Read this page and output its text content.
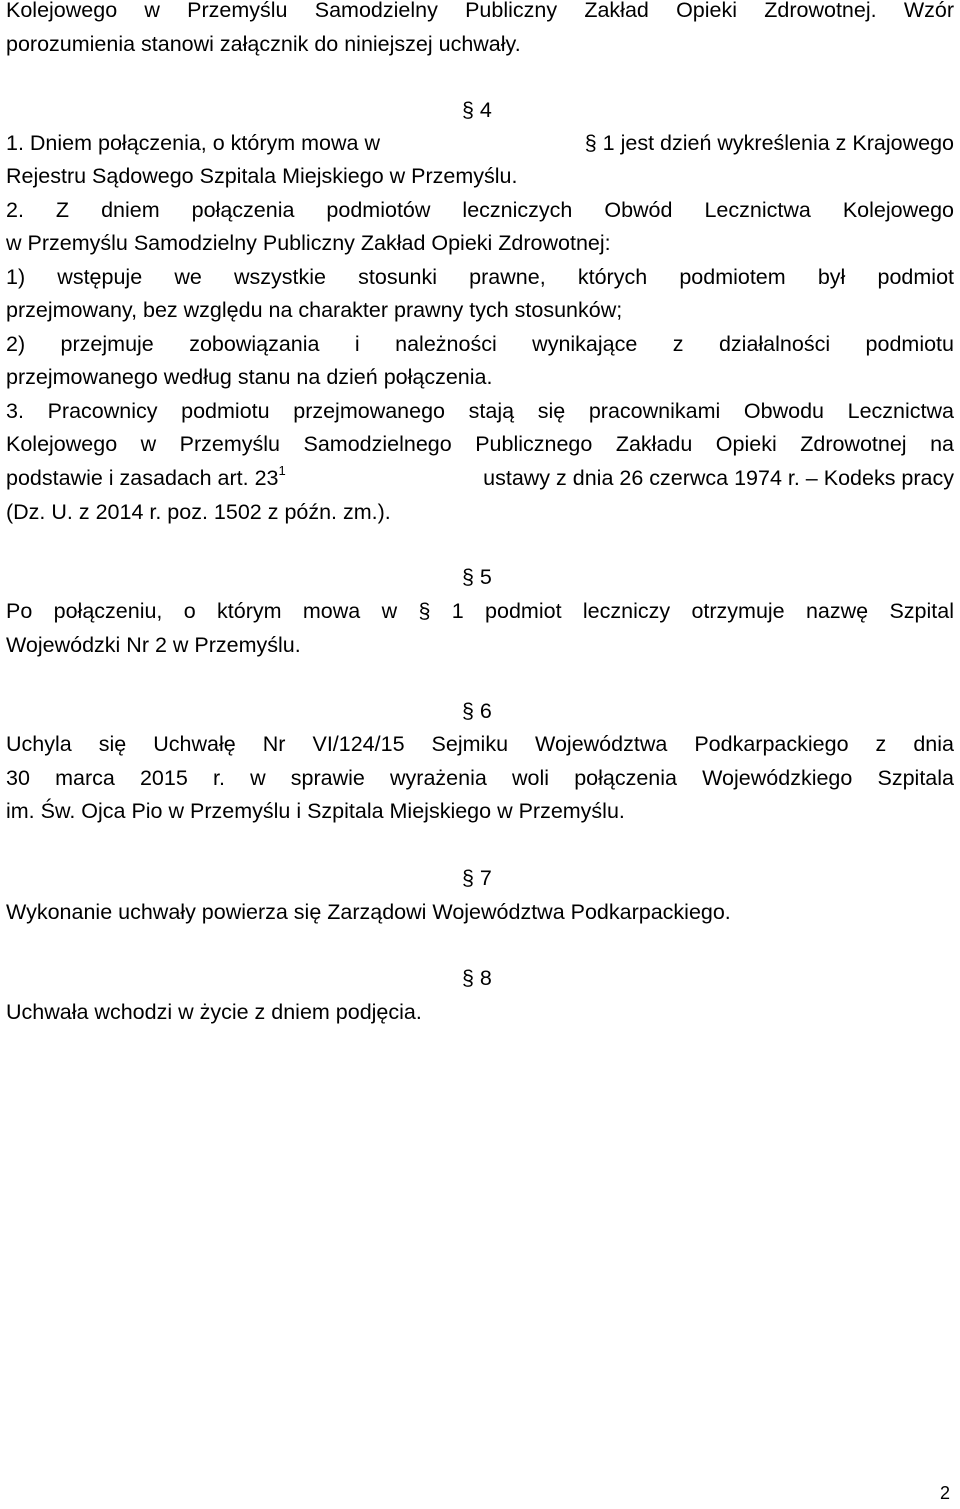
Kolejowego w Przemyślu Samodzielny Publiczny Zakład Opieki Zdrowotnej. Wzór
porozumienia stanowi załącznik do niniejszej uchwały.
§ 4
1. Dniem połączenia, o którym mowa w	§ 1 jest dzień wykreślenia z Krajowego
Rejestru Sądowego Szpitala Miejskiego w Przemyślu.
2. Z dniem połączenia podmiotów leczniczych Obwód Lecznictwa Kolejowego
w Przemyślu Samodzielny Publiczny Zakład Opieki Zdrowotnej:
1) wstępuje we wszystkie stosunki prawne, których podmiotem był podmiot
przejmowany, bez względu na charakter prawny tych stosunków;
2) przejmuje zobowiązania i należności wynikające z działalności podmiotu
przejmowanego według stanu na dzień połączenia.
3. Pracownicy podmiotu przejmowanego stają się pracownikami Obwodu Lecznictwa
Kolejowego w Przemyślu Samodzielnego Publicznego Zakładu Opieki Zdrowotnej na
podstawie i zasadach art. $23^1$	ustawy z dnia 26 czerwca 1974 r. – Kodeks pracy
(Dz. U. z 2014 r. poz. 1502 z późn. zm.).
§ 5
Po połączeniu, o którym mowa w § 1 podmiot leczniczy otrzymuje nazwę Szpital
Wojewódzki Nr 2 w Przemyślu.
§ 6
Uchyla się Uchwałę Nr VI/124/15 Sejmiku Województwa Podkarpackiego z dnia
30 marca 2015 r. w sprawie wyrażenia woli połączenia Wojewódzkiego Szpitala
im. Św. Ojca Pio w Przemyślu i Szpitala Miejskiego w Przemyślu.
§ 7
Wykonanie uchwały powierza się Zarządowi Województwa Podkarpackiego.
§ 8
Uchwała wchodzi w życie z dniem podjęcia.
2
